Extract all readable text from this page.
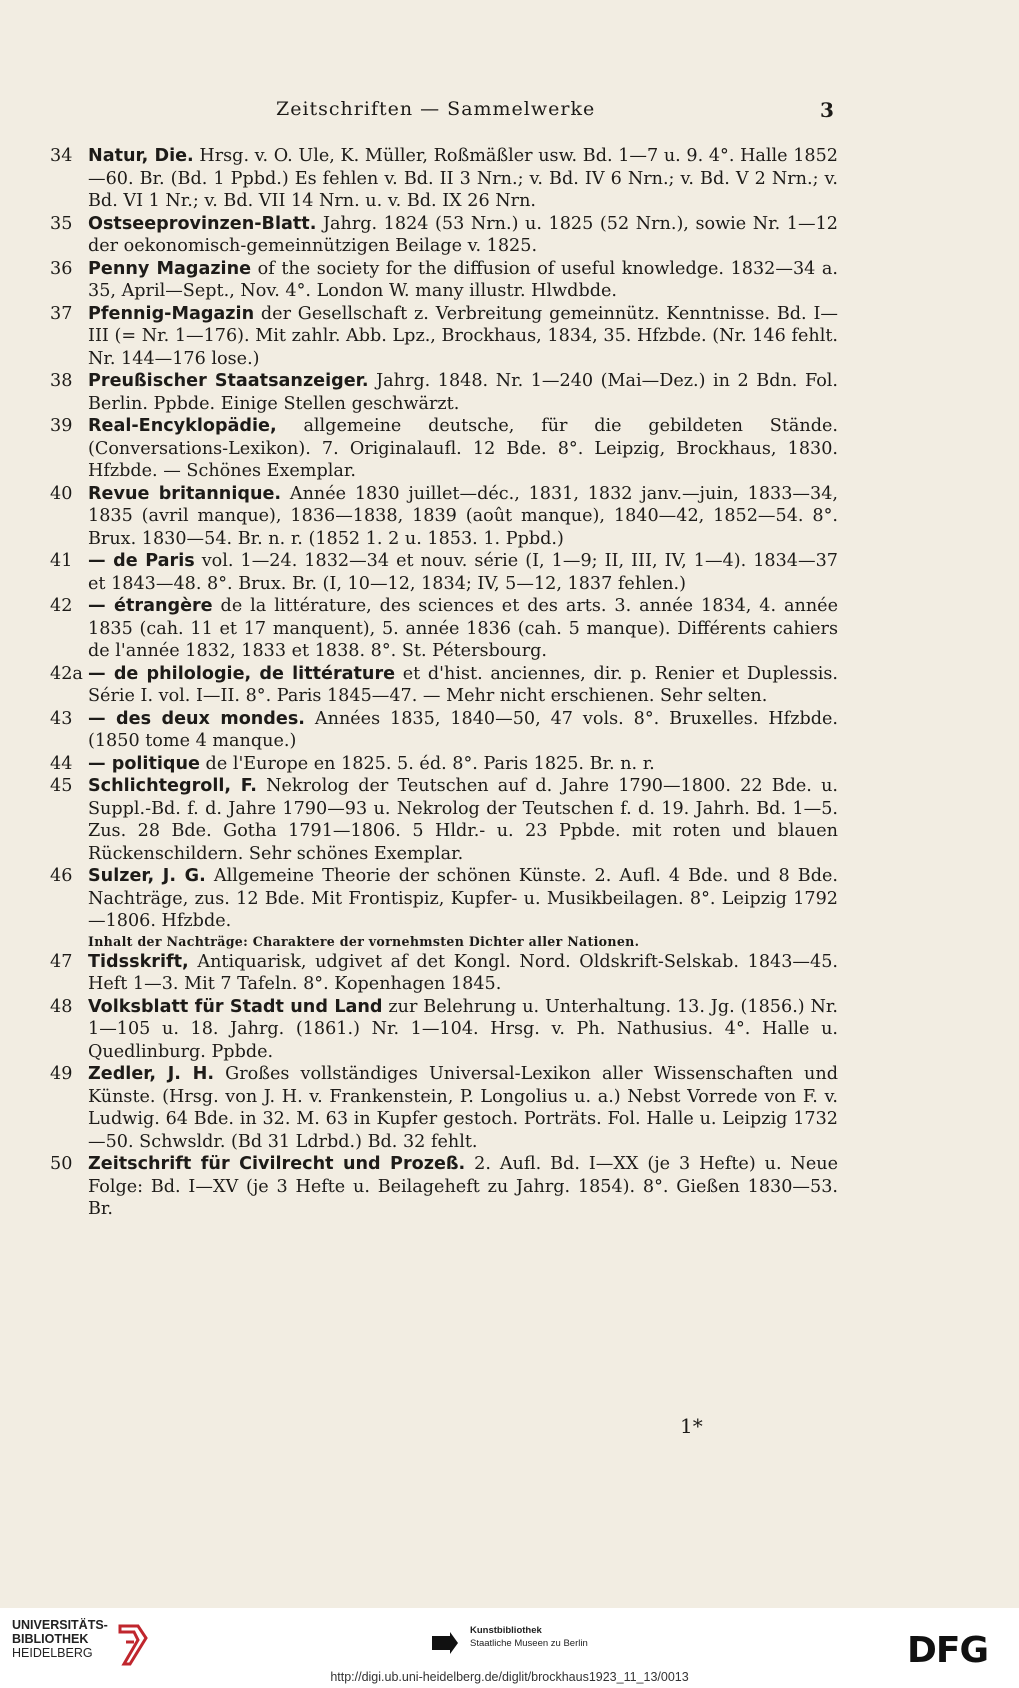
Zeitschriften — Sammelwerke	3
34 Natur, Die. Hrsg. v. O. Ule, K. Müller, Roßmäßler usw. Bd. 1—7 u. 9. 4°. Halle 1852—60. Br. (Bd. 1 Ppbd.) Es fehlen v. Bd. II 3 Nrn.; v. Bd. IV 6 Nrn.; v. Bd. V 2 Nrn.; v. Bd. VI 1 Nr.; v. Bd. VII 14 Nrn. u. v. Bd. IX 26 Nrn.
35 Ostseeprovinzen-Blatt. Jahrg. 1824 (53 Nrn.) u. 1825 (52 Nrn.), sowie Nr. 1—12 der oekonomisch-gemeinnützigen Beilage v. 1825.
36 Penny Magazine of the society for the diffusion of useful knowledge. 1832—34 a. 35, April—Sept., Nov. 4°. London W. many illustr. Hlwdbde.
37 Pfennig-Magazin der Gesellschaft z. Verbreitung gemeinnütz. Kenntnisse. Bd. I—III (= Nr. 1—176). Mit zahlr. Abb. Lpz., Brockhaus, 1834, 35. Hfzbde. (Nr. 146 fehlt. Nr. 144—176 lose.)
38 Preußischer Staatsanzeiger. Jahrg. 1848. Nr. 1—240 (Mai—Dez.) in 2 Bdn. Fol. Berlin. Ppbde. Einige Stellen geschwärzt.
39 Real-Encyklopädie, allgemeine deutsche, für die gebildeten Stände. (Conversations-Lexikon). 7. Originalaufl. 12 Bde. 8°. Leipzig, Brockhaus, 1830. Hfzbde. — Schönes Exemplar.
40 Revue britannique. Année 1830 juillet—déc., 1831, 1832 janv.—juin, 1833—34, 1835 (avril manque), 1836—1838, 1839 (août manque), 1840—42, 1852—54. 8°. Brux. 1830—54. Br. n. r. (1852 1. 2 u. 1853. 1. Ppbd.)
41 — de Paris vol. 1—24. 1832—34 et nouv. série (I, 1—9; II, III, IV, 1—4). 1834—37 et 1843—48. 8°. Brux. Br. (I, 10—12, 1834; IV, 5—12, 1837 fehlen.)
42 — étrangère de la littérature, des sciences et des arts. 3. année 1834, 4. année 1835 (cah. 11 et 17 manquent), 5. année 1836 (cah. 5 manque). Différents cahiers de l'année 1832, 1833 et 1838. 8°. St. Pétersbourg.
42a — de philologie, de littérature et d'hist. anciennes, dir. p. Renier et Duplessis. Série I. vol. I—II. 8°. Paris 1845—47. — Mehr nicht erschienen. Sehr selten.
43 — des deux mondes. Années 1835, 1840—50, 47 vols. 8°. Bruxelles. Hfzbde. (1850 tome 4 manque.)
44 — politique de l'Europe en 1825. 5. éd. 8°. Paris 1825. Br. n. r.
45 Schlichtegroll, F. Nekrolog der Teutschen auf d. Jahre 1790—1800. 22 Bde. u. Suppl.-Bd. f. d. Jahre 1790—93 u. Nekrolog der Teutschen f. d. 19. Jahrh. Bd. 1—5. Zus. 28 Bde. Gotha 1791—1806. 5 Hldr.- u. 23 Ppbde. mit roten und blauen Rückenschildern. Sehr schönes Exemplar.
46 Sulzer, J. G. Allgemeine Theorie der schönen Künste. 2. Aufl. 4 Bde. und 8 Bde. Nachträge, zus. 12 Bde. Mit Frontispiz, Kupfer- u. Musikbeilagen. 8°. Leipzig 1792—1806. Hfzbde.
Inhalt der Nachträge: Charaktere der vornehmsten Dichter aller Nationen.
47 Tidsskrift, Antiquarisk, udgivet af det Kongl. Nord. Oldskrift-Selskab. 1843—45. Heft 1—3. Mit 7 Tafeln. 8°. Kopenhagen 1845.
48 Volksblatt für Stadt und Land zur Belehrung u. Unterhaltung. 13. Jg. (1856.) Nr. 1—105 u. 18. Jahrg. (1861.) Nr. 1—104. Hrsg. v. Ph. Nathusius. 4°. Halle u. Quedlinburg. Ppbde.
49 Zedler, J. H. Großes vollständiges Universal-Lexikon aller Wissenschaften und Künste. (Hrsg. von J. H. v. Frankenstein, P. Longolius u. a.) Nebst Vorrede von F. v. Ludwig. 64 Bde. in 32. M. 63 in Kupfer gestoch. Porträts. Fol. Halle u. Leipzig 1732—50. Schwsldr. (Bd 31 Ldrbd.) Bd. 32 fehlt.
50 Zeitschrift für Civilrecht und Prozeß. 2. Aufl. Bd. I—XX (je 3 Hefte) u. Neue Folge: Bd. I—XV (je 3 Hefte u. Beilageheft zu Jahrg. 1854). 8°. Gießen 1830—53. Br.
1*
UNIVERSITÄTS-
BIBLIOTHEK
HEIDELBERG
Kunstbibliothek
Staatliche Museen zu Berlin	DFG
http://digi.ub.uni-heidelberg.de/diglit/brockhaus1923_11_13/0013
